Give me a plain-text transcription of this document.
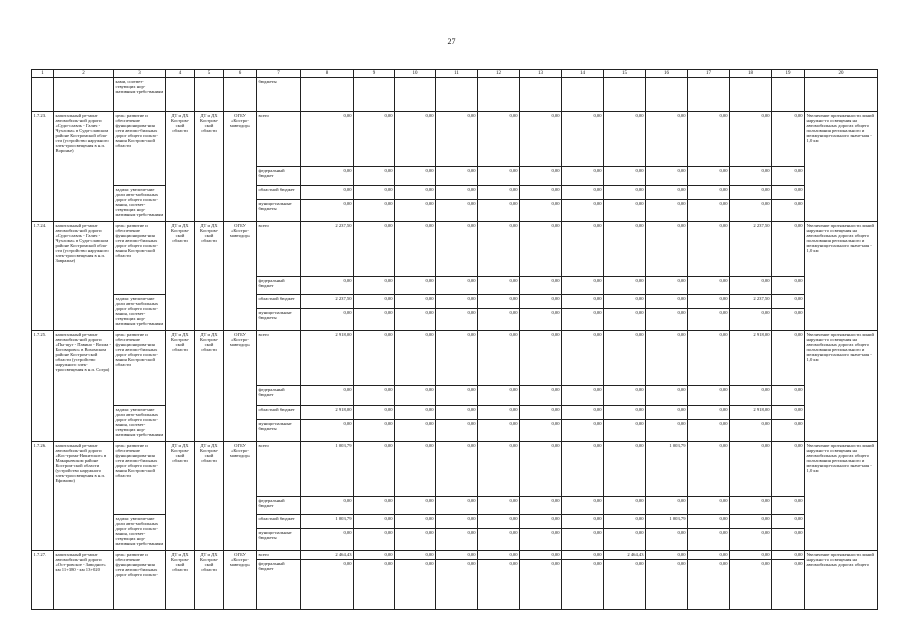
27
1	2	3	4	5	6	7	8	9	10	11	12	13	14	15	16	17	18	19	20
		ками, соответ-ствующих нор-мативным требо-ваниям				бюджеты													
1.7.23.	капитальный ре-монт автомобиль-ной дороги «Суди-славль - Галич - Чухлома» в Суди-славском районе Костромской обла-сти (устройство наружного элек-троосвещения в н.п. Воронье)	цель: развитие и обеспечение функционирова-ния сети автомо-бильных дорог общего пользо-вания Костром-ской области	ДТ и ДХ Костром-ской области	ДТ и ДХ Костром-ской области	ОГБУ «Костро-мавтодор»	всего	0,00	0,00	0,00	0,00	0,00	0,00	0,00	0,00	0,00	0,00	0,00	0,00	Увеличение протяженности линий наружно-го освещения на автомобильных дорогах общего пользования регионального и межмуници-пального значе-ния - 1,0 км
						федеральный бюджет	0,00	0,00	0,00	0,00	0,00	0,00	0,00	0,00	0,00	0,00	0,00	0,00	
		задача: увеличе-ние доли авто-мобильных дорог общего пользо-вания, соответ-ствующих нор-мативным требо-ваниям				областной бюджет	0,00	0,00	0,00	0,00	0,00	0,00	0,00	0,00	0,00	0,00	0,00	0,00	
						муници-пальные бюджеты	0,00	0,00	0,00	0,00	0,00	0,00	0,00	0,00	0,00	0,00	0,00	0,00	
1.7.24.	капитальный ре-монт автомобиль-ной дороги «Суди-славль - Галич - Чухлома» в Суди-славском районе Костромской обла-сти (устройство наружного элек-троосвещения в н.п. Завражье)	цель: развитие и обеспечение функционирова-ния сети автомо-бильных дорог общего пользо-вания Костром-ской области	ДТ и ДХ Костром-ской области	ДТ и ДХ Костром-ской области	ОГБУ «Костро-мавтодор»	всего	2 237,50	0,00	0,00	0,00	0,00	0,00	0,00	0,00	0,00	0,00	2 237,50	0,00	Увеличение протяженности линий наружно-го освещения на автомобильных дорогах общего пользования регионального и межмуници-пального значе-ния - 1,0 км
						федеральный бюджет	0,00	0,00	0,00	0,00	0,00	0,00	0,00	0,00	0,00	0,00	0,00	0,00	
		задача: увеличе-ние доли авто-мобильных дорог общего пользо-вания, соответ-ствующих нор-мативным требо-ваниям				областной бюджет	2 237,50	0,00	0,00	0,00	0,00	0,00	0,00	0,00	0,00	0,00	2 237,50	0,00	
						муници-пальные бюджеты	0,00	0,00	0,00	0,00	0,00	0,00	0,00	0,00	0,00	0,00	0,00	0,00	
1.7.25.	капитальный ре-монт автомобиль-ной дороги «Пы-щуг - Павино - Вохма - Боговарово» в Вохомском районе Костром-ской области (устройство наружного элек-троосвещения в н.п. Согра)	цель: развитие и обеспечение функционирова-ния сети автомо-бильных дорог общего пользо-вания Костром-ской области	ДТ и ДХ Костром-ской области	ДТ и ДХ Костром-ской области	ОГБУ «Костро-мавтодор»	всего	2 918,00	0,00	0,00	0,00	0,00	0,00	0,00	0,00	0,00	0,00	2 918,00	0,00	Увеличение протяженности линий наружно-го освещения на автомобильных дорогах общего пользования регионального и межмуници-пального значе-ния - 1,0 км
						федеральный бюджет	0,00	0,00	0,00	0,00	0,00	0,00	0,00	0,00	0,00	0,00	0,00	0,00	
		задача: увеличе-ние доли авто-мобильных дорог общего пользо-вания, соответ-ствующих нор-мативным требо-ваниям				областной бюджет	2 918,00	0,00	0,00	0,00	0,00	0,00	0,00	0,00	0,00	0,00	2 918,00	0,00	
						муници-пальные бюджеты	0,00	0,00	0,00	0,00	0,00	0,00	0,00	0,00	0,00	0,00	0,00	0,00	
1.7.26.	капитальный ре-монт автомобиль-ной дороги «Кос-трома-Никитское» в Макарьевском районе Костром-ской области (устройство наружного элек-троосвещения в н.п. Ефимово)	цель: развитие и обеспечение функционирова-ния сети автомо-бильных дорог общего пользо-вания Костром-ской области	ДТ и ДХ Костром-ской области	ДТ и ДХ Костром-ской области	ОГБУ «Костро-мавтодор»	всего	1 003,79	0,00	0,00	0,00	0,00	0,00	0,00	0,00	1 003,79	0,00	0,00	0,00	Увеличение протяженности линий наружно-го освещения на автомобильных дорогах общего пользования регионального и межмуници-пального значе-ния - 1,0 км
						федеральный бюджет	0,00	0,00	0,00	0,00	0,00	0,00	0,00	0,00	0,00	0,00	0,00	0,00	
		задача: увеличе-ние доли авто-мобильных дорог общего пользо-вания, соответ-ствующих нор-мативным требо-ваниям				областной бюджет	1 003,79	0,00	0,00	0,00	0,00	0,00	0,00	0,00	1 003,79	0,00	0,00	0,00	
						муници-пальные бюджеты	0,00	0,00	0,00	0,00	0,00	0,00	0,00	0,00	0,00	0,00	0,00	0,00	
1.7.27.	капитальный ре-монт автомобиль-ной дороги «Ост-ровское - Заводное» км 11+380 - км 13+020	цель: развитие и обеспечение функционирова-ния сети автомо-бильных дорог общего пользо-	ДТ и ДХ Костром-ской области	ДТ и ДХ Костром-ской области	ОГБУ «Костро-мавтодор»	всего	2 464,43	0,00	0,00	0,00	0,00	0,00	0,00	2 464,43	0,00	0,00	0,00	0,00	Увеличение протяженности линий наружно-го освещения на автомобильных дорогах общего
						федеральный бюджет	0,00	0,00	0,00	0,00	0,00	0,00	0,00	0,00	0,00	0,00	0,00	0,00	
